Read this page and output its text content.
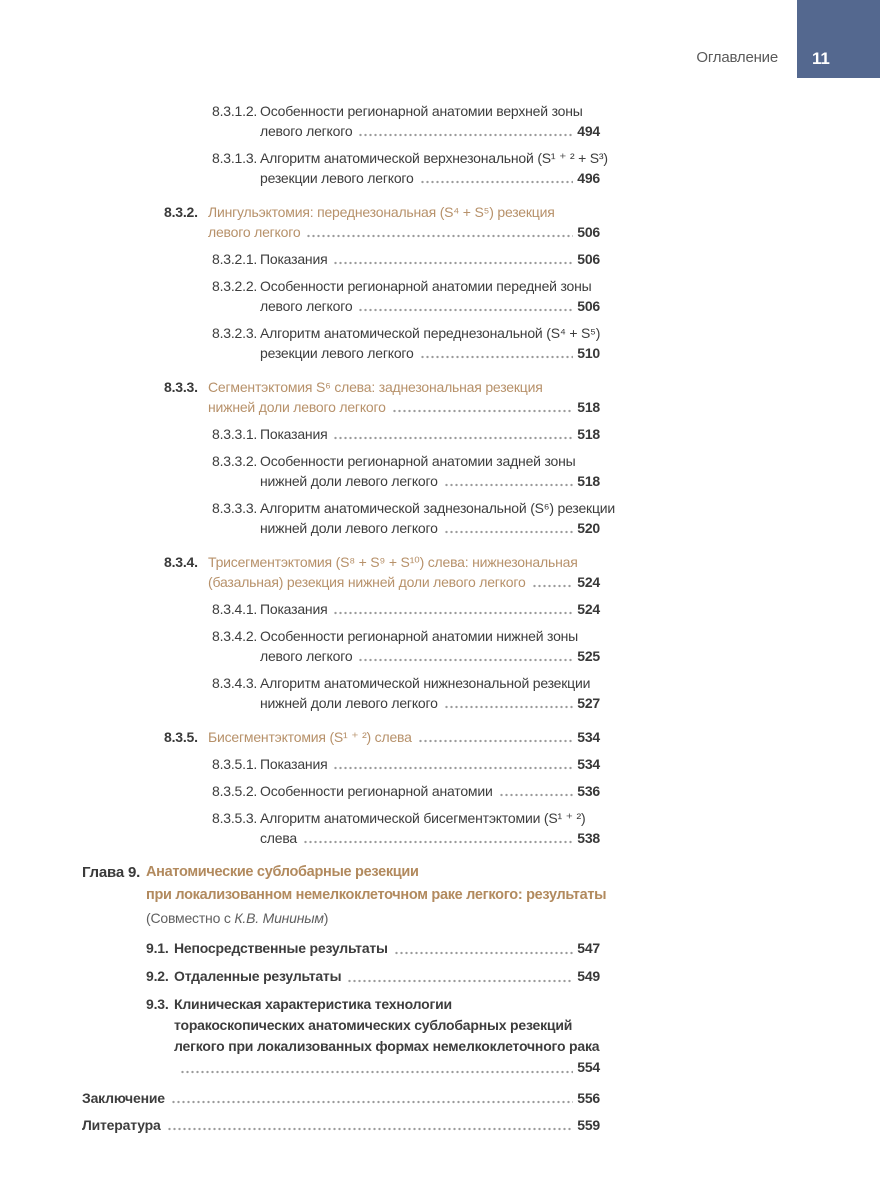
Оглавление 11
8.3.1.2. Особенности регионарной анатомии верхней зоны
левого легкого	494
8.3.1.3. Алгоритм анатомической верхнезональной (S¹ ⁺ ² + S³)
резекции левого легкого	496
8.3.2. Лингульэктомия: переднезональная (S⁴ + S⁵) резекция
левого легкого	506
8.3.2.1. Показания	506
8.3.2.2. Особенности регионарной анатомии передней зоны
левого легкого	506
8.3.2.3. Алгоритм анатомической переднезональной (S⁴ + S⁵)
резекции левого легкого	510
8.3.3. Сегментэктомия S⁶ слева: заднезональная резекция
нижней доли левого легкого	518
8.3.3.1. Показания	518
8.3.3.2. Особенности регионарной анатомии задней зоны
нижней доли левого легкого	518
8.3.3.3. Алгоритм анатомической заднезональной (S⁶) резекции
нижней доли левого легкого	520
8.3.4. Трисегментэктомия (S⁸ + S⁹ + S¹⁰) слева: нижнезональная
(базальная) резекция нижней доли левого легкого	524
8.3.4.1. Показания	524
8.3.4.2. Особенности регионарной анатомии нижней зоны
левого легкого	525
8.3.4.3. Алгоритм анатомической нижнезональной резекции
нижней доли левого легкого	527
8.3.5. Бисегментэктомия (S¹ ⁺ ²) слева	534
8.3.5.1. Показания	534
8.3.5.2. Особенности регионарной анатомии	536
8.3.5.3. Алгоритм анатомической бисегментэктомии (S¹ ⁺ ²)
слева	538
Глава 9. Анатомические сублобарные резекции
при локализованном немелкоклеточном раке легкого: результаты
(Совместно с К.В. Мининым)
9.1. Непосредственные результаты	547
9.2. Отдаленные результаты	549
9.3. Клиническая характеристика технологии
торакоскопических анатомических сублобарных резекций
легкого при локализованных формах немелкоклеточного рака
554
Заключение	556
Литература	559
